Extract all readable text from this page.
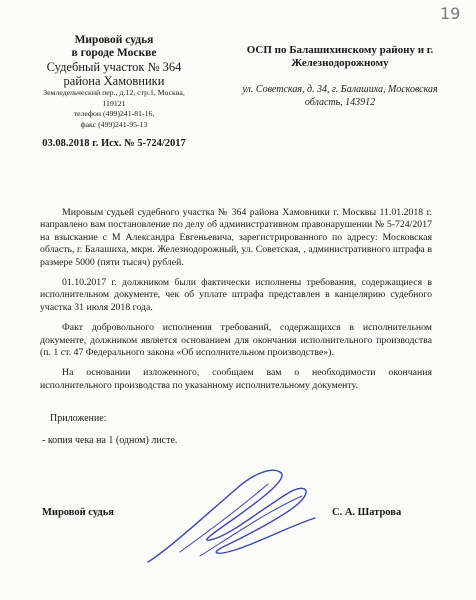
19
Мировой судья
в городе Москве
Судебный участок № 364
района Хамовники
Земледельческий пер., д.12, стр.1, Москва,
119121
телефон (499)241-81-16,
факс (499)241-95-13
03.08.2018 г. Исх. № 5-724/2017
ОСП по Балашихинскому району и г.
Железнодорожному
ул. Советская, д. 34, г. Балашиха, Московская
область, 143912

Мировым судьей судебного участка № 364 района Хамовники г. Москвы 11.01.2018 г. направлено вам постановление по делу об административном правонарушении № 5-724/2017 на взыскание с М Александра Евгеньевича, зарегистрированного по адресу: Московская область, г. Балашиха, мкрн. Железнодорожный, ул. Советская, , административного штрафа в размере 5000 (пяти тысяч) рублей.

01.10.2017 г. должником были фактически исполнены требования, содержащиеся в исполнительном документе, чек об уплате штрафа представлен в канцелярию судебного участка 31 июля 2018 года.

Факт добровольного исполнения требований, содержащихся в исполнительном документе, должником является основанием для окончания исполнительного производства (п. 1 ст. 47 Федерального закона «Об исполнительном производстве»).

На основании изложенного, сообщаем вам о необходимости окончания исполнительного производства по указанному исполнительному документу.

Приложение:
- копия чека на 1 (одном) листе.
Мировой судья	С. А. Шатрова
